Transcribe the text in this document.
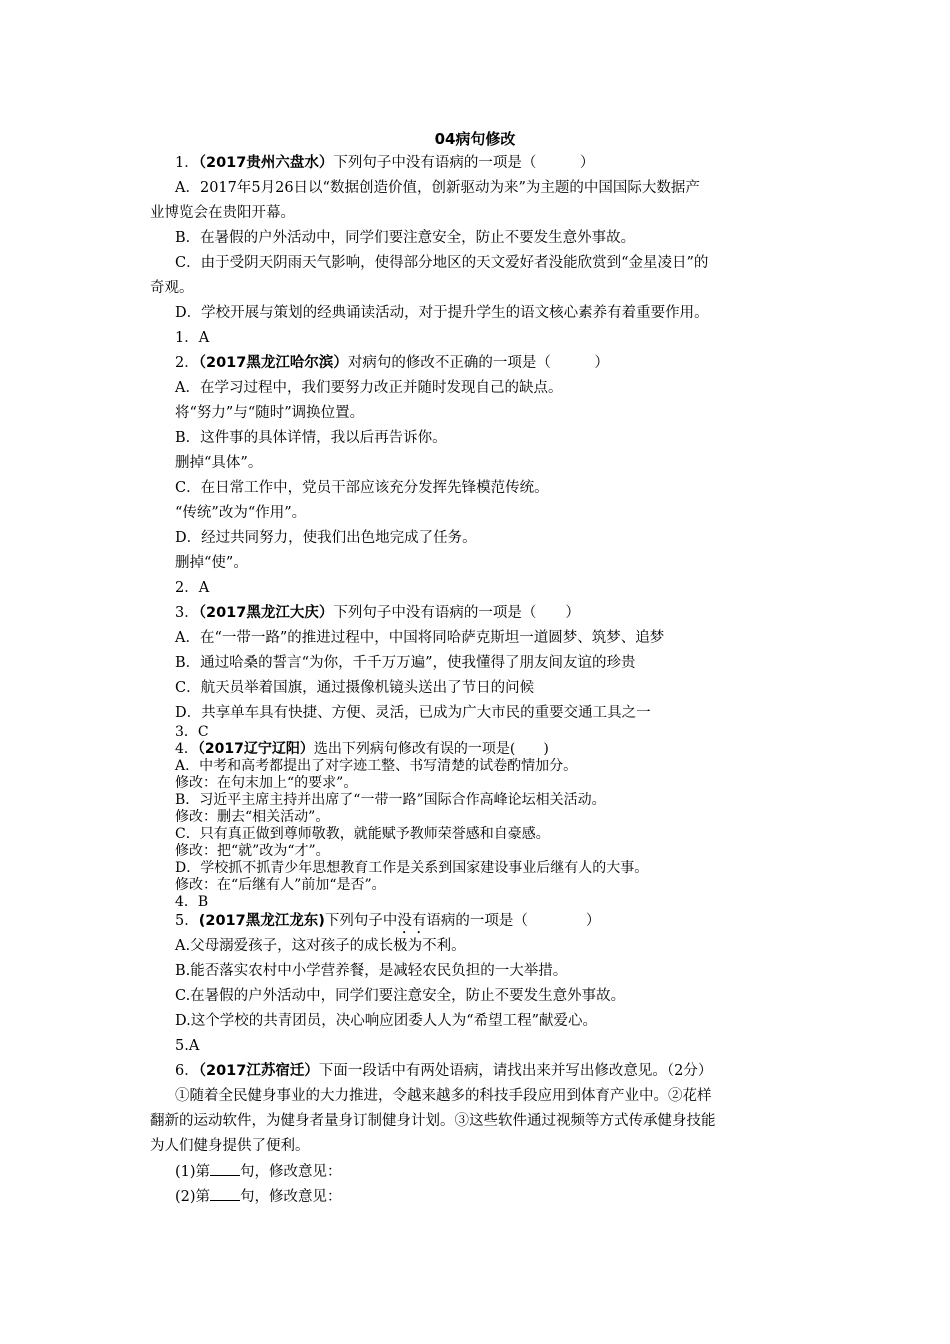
04病句修改
1．（2017贵州六盘水）下列句子中没有语病的一项是（　　　）
A．2017年5月26日以“数据创造价值，创新驱动为来”为主题的中国国际大数据产
业博览会在贵阳开幕。
B．在暑假的户外活动中，同学们要注意安全，防止不要发生意外事故。
C．由于受阴天阴雨天气影响，使得部分地区的天文爱好者没能欣赏到“金星凌日”的
奇观。
D．学校开展与策划的经典诵读活动，对于提升学生的语文核心素养有着重要作用。
1．A
2．（2017黑龙江哈尔滨）对病句的修改不正确的一项是（　　　）
A．在学习过程中，我们要努力改正并随时发现自己的缺点。
将“努力”与“随时”调换位置。
B．这件事的具体详情，我以后再告诉你。
删掉“具体”。
C．在日常工作中，党员干部应该充分发挥先锋模范传统。
“传统”改为“作用”。
D．经过共同努力，使我们出色地完成了任务。
删掉“使”。
2．A
3．（2017黑龙江大庆）下列句子中没有语病的一项是（　　）
A．在“一带一路”的推进过程中，中国将同哈萨克斯坦一道圆梦、筑梦、追梦
B．通过哈桑的誓言“为你，千千万万遍”，使我懂得了朋友间友谊的珍贵
C．航天员举着国旗，通过摄像机镜头送出了节日的问候
D．共享单车具有快捷、方便、灵活，已成为广大市民的重要交通工具之一
3．C
4．（2017辽宁辽阳）选出下列病句修改有误的一项是(　　)
A．中考和高考都提出了对字迹工整、书写清楚的试卷酌情加分。
修改：在句末加上“的要求”。
B．习近平主席主持并出席了“一带一路”国际合作高峰论坛相关活动。
修改：删去“相关活动”。
C．只有真正做到尊师敬教，就能赋予教师荣誉感和自豪感。
修改：把“就”改为“才”。
D．学校抓不抓青少年思想教育工作是关系到国家建设事业后继有人的大事。
修改：在“后继有人”前加“是否”。
4．B
5．(2017黑龙江龙东)下列句子中没有语病的一项是（　　　　）
A.父母溺爱孩子，这对孩子的成长极为不利。
B.能否落实农村中小学营养餐，是减轻农民负担的一大举措。
C.在暑假的户外活动中，同学们要注意安全，防止不要发生意外事故。
D.这个学校的共青团员，决心响应团委人人为“希望工程”献爱心。
5.A
6．（2017江苏宿迁）下面一段话中有两处语病，请找出来并写出修改意见。（2分）
①随着全民健身事业的大力推进，令越来越多的科技手段应用到体育产业中。②花样
翻新的运动软件，为健身者量身订制健身计划。③这些软件通过视频等方式传承健身技能
为人们健身提供了便利。
(1)第 句，修改意见：
(2)第 句，修改意见：
